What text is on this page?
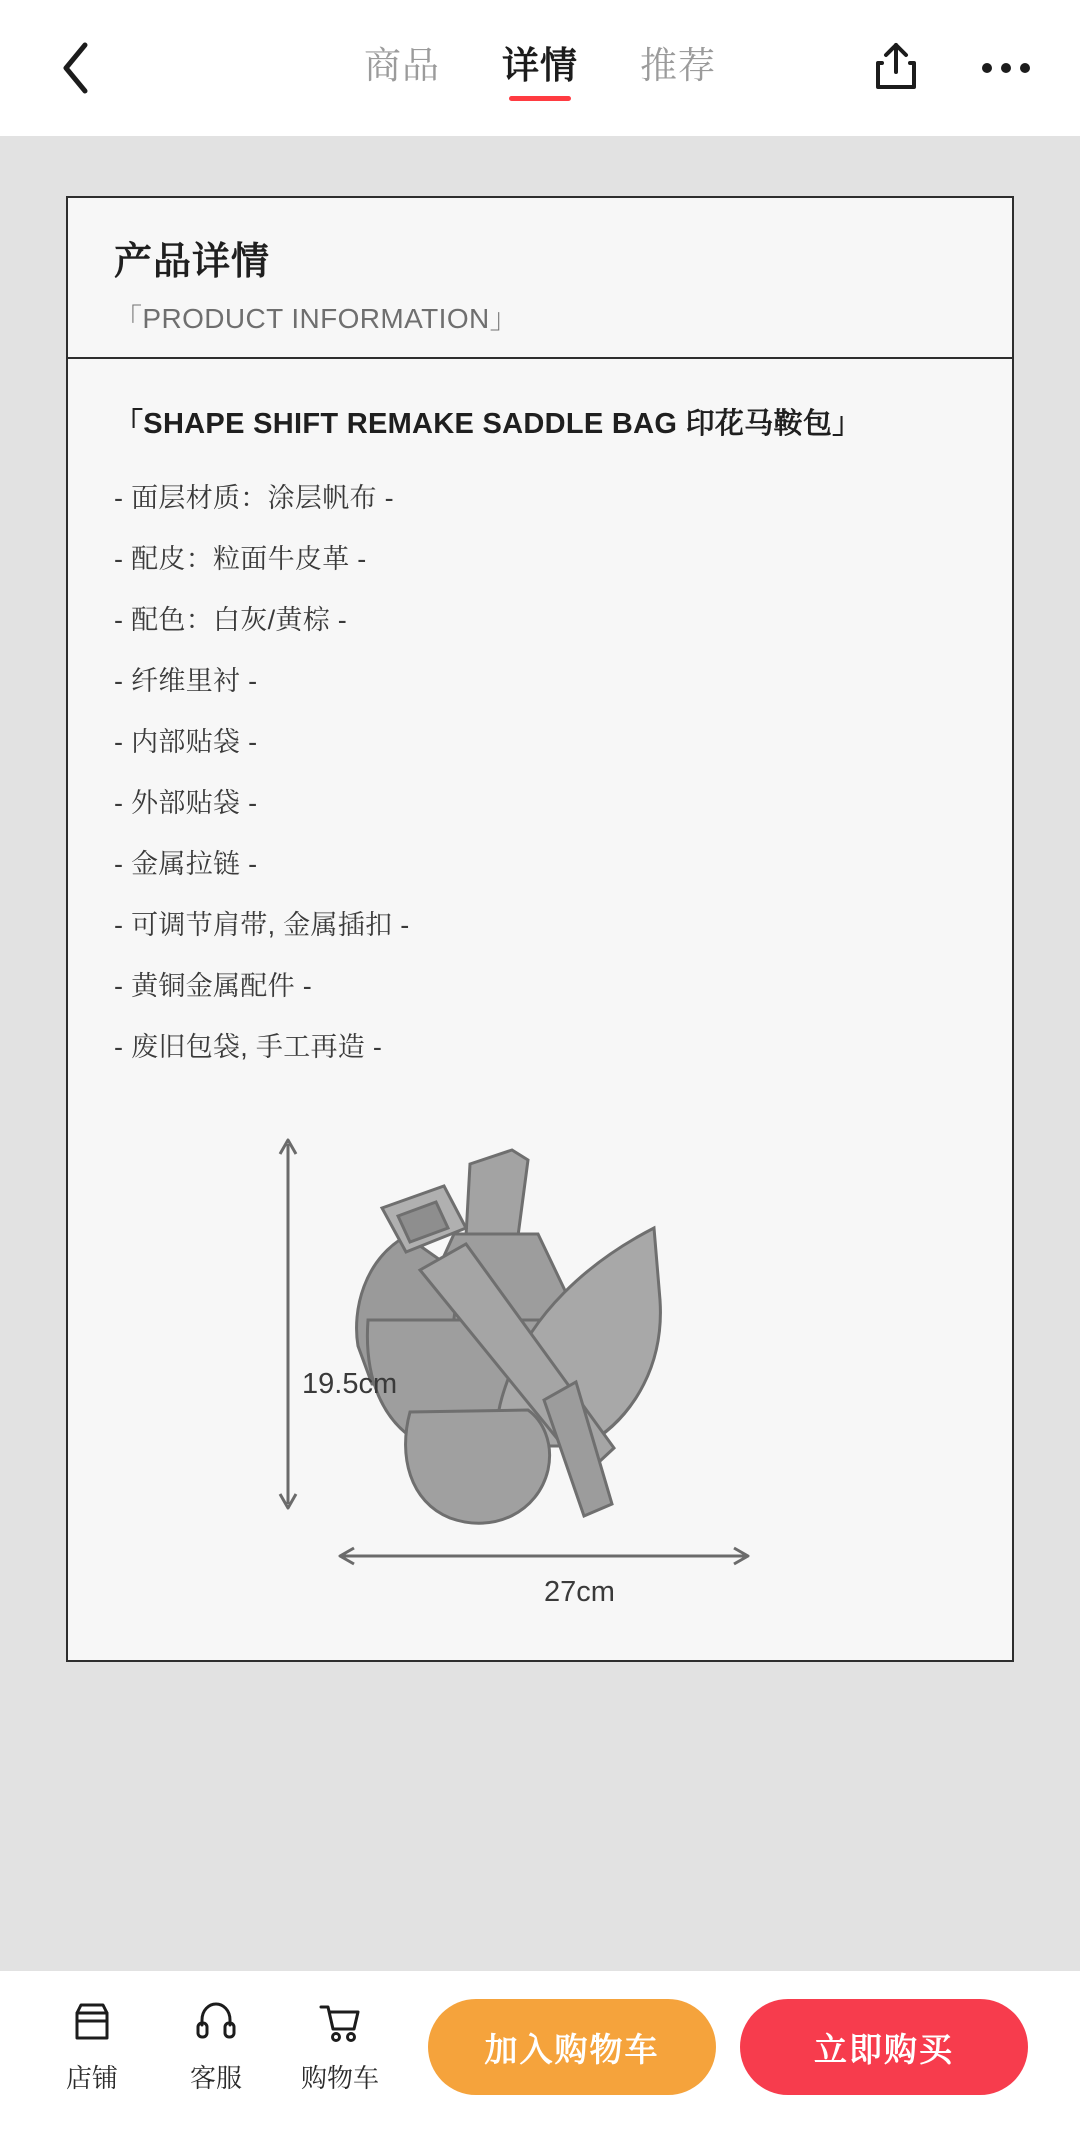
商品 详情 推荐
产品详情
「PRODUCT INFORMATION」
「SHAPE SHIFT REMAKE SADDLE BAG 印花马鞍包」
- 面层材质：涂层帆布 -
- 配皮：粒面牛皮革 -
- 配色：白灰/黄棕 -
- 纤维里衬 -
- 内部贴袋 -
- 外部贴袋 -
- 金属拉链 -
- 可调节肩带, 金属插扣 -
- 黄铜金属配件 -
- 废旧包袋, 手工再造 -
19.5cm
27cm
店铺	客服 购物车
加入购物车	立即购买
